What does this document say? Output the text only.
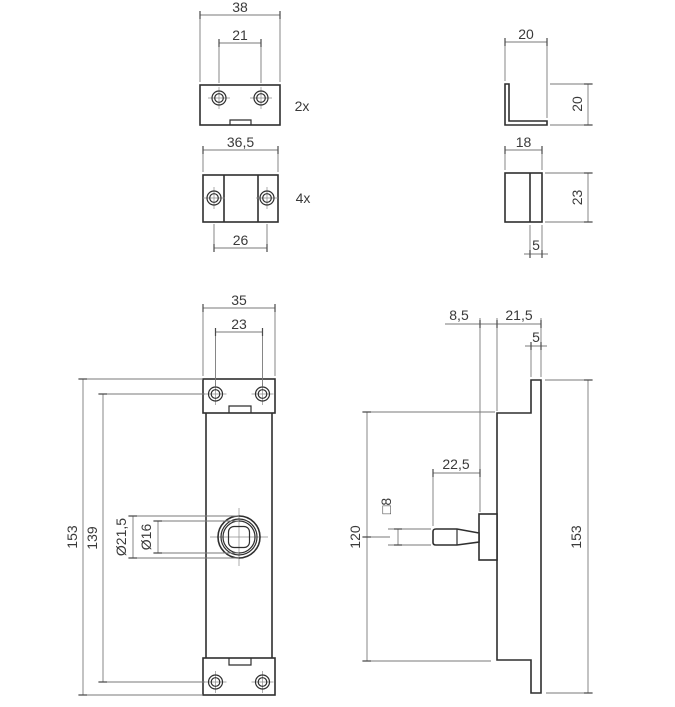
38
21
2x
36,5
26
4x
20
20
18
23
5
35
23
153 139 Ø21,5 Ø16
8,5	21,5
5
22,5
□8
120	153
